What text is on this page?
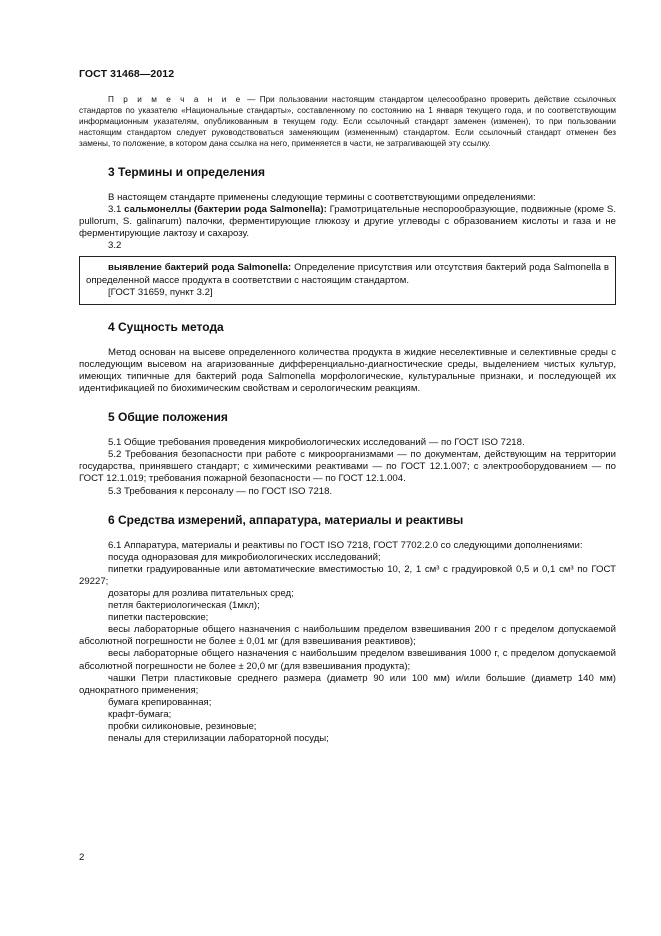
ГОСТ 31468—2012

П р и м е ч а н и е — При пользовании настоящим стандартом целесообразно проверить действие ссылочных стандартов по указателю «Национальные стандарты», составленному по состоянию на 1 января текущего года, и по соответствующим информационным указателям, опубликованным в текущем году. Если ссылочный стандарт заменен (изменен), то при пользовании настоящим стандартом следует руководствоваться заменяющим (измененным) стандартом. Если ссылочный стандарт отменен без замены, то положение, в котором дана ссылка на него, применяется в части, не затрагивающей эту ссылку.

3 Термины и определения

В настоящем стандарте применены следующие термины с соответствующими определениями:

3.1 сальмонеллы (бактерии рода Salmonella): Грамотрицательные неспорообразующие, подвижные (кроме S. pullorum, S. galinarum) палочки, ферментирующие глюкозу и другие углеводы с образованием кислоты и газа и не ферментирующие лактозу и сахарозу.

3.2

выявление бактерий рода Salmonella: Определение присутствия или отсутствия бактерий рода Salmonella в определенной массе продукта в соответствии с настоящим стандартом.

[ГОСТ 31659, пункт 3.2]

4 Сущность метода

Метод основан на высеве определенного количества продукта в жидкие неселективные и селективные среды с последующим высевом на агаризованные дифференциально-диагностические среды, выделением чистых культур, имеющих типичные для бактерий рода Salmonella морфологические, культуральные признаки, и последующей их идентификацией по биохимическим свойствам и серологическим реакциям.

5 Общие положения

5.1 Общие требования проведения микробиологических исследований — по ГОСТ ISO 7218.

5.2 Требования безопасности при работе с микроорганизмами — по документам, действующим на территории государства, принявшего стандарт; с химическими реактивами — по ГОСТ 12.1.007; с электрооборудованием — по ГОСТ 12.1.019; требования пожарной безопасности — по ГОСТ 12.1.004.

5.3 Требования к персоналу — по ГОСТ ISO 7218.

6 Средства измерений, аппаратура, материалы и реактивы

6.1 Аппаратура, материалы и реактивы по ГОСТ ISO 7218, ГОСТ 7702.2.0 со следующими дополнениями:

посуда одноразовая для микробиологических исследований;

пипетки градуированные или автоматические вместимостью 10, 2, 1 см³ с градуировкой 0,5 и 0,1 см³ по ГОСТ 29227;

дозаторы для розлива питательных сред;

петля бактериологическая (1мкл);

пипетки пастеровские;

весы лабораторные общего назначения с наибольшим пределом взвешивания 200 г с пределом допускаемой абсолютной погрешности не более ± 0,01 мг (для взвешивания реактивов);

весы лабораторные общего назначения с наибольшим пределом взвешивания 1000 г, с пределом допускаемой абсолютной погрешности не более ± 20,0 мг (для взвешивания продукта);

чашки Петри пластиковые среднего размера (диаметр 90 или 100 мм) и/или большие (диаметр 140 мм) однократного применения;

бумага крепированная;

крафт-бумага;

пробки силиконовые, резиновые;

пеналы для стерилизации лабораторной посуды;

2
